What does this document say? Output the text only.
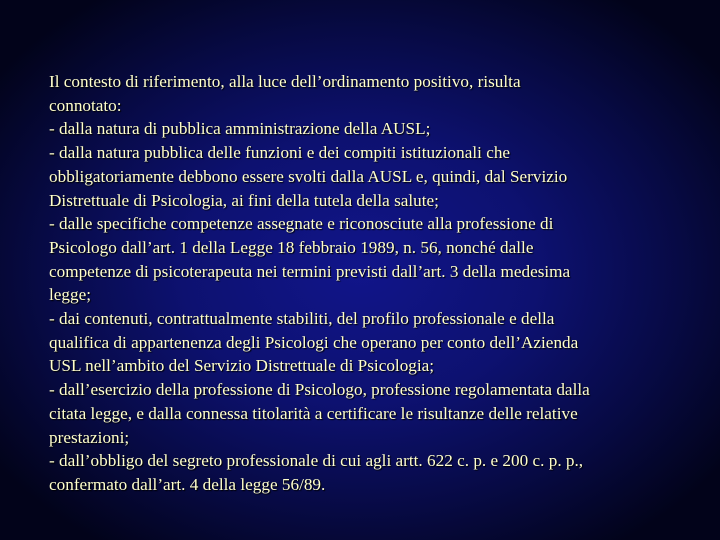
Il contesto di riferimento, alla luce dell’ordinamento positivo, risulta
connotato:
- dalla natura di pubblica amministrazione della AUSL;
- dalla natura pubblica delle funzioni e dei compiti istituzionali che
obbligatoriamente debbono essere svolti dalla AUSL e, quindi, dal Servizio
Distrettuale di Psicologia, ai fini della tutela della salute;
- dalle specifiche competenze assegnate e riconosciute alla professione di
Psicologo dall’art. 1 della Legge 18 febbraio 1989, n. 56, nonché dalle
competenze di psicoterapeuta nei termini previsti dall’art. 3 della medesima
legge;
- dai contenuti, contrattualmente stabiliti, del profilo professionale e della
qualifica di appartenenza degli Psicologi che operano per conto dell’Azienda
USL nell’ambito del Servizio Distrettuale di Psicologia;
- dall’esercizio della professione di Psicologo, professione regolamentata dalla
citata legge, e dalla connessa titolarità a certificare le risultanze delle relative
prestazioni;
- dall’obbligo del segreto professionale di cui agli artt. 622 c. p. e 200 c. p. p.,
confermato dall’art. 4 della legge 56/89.
